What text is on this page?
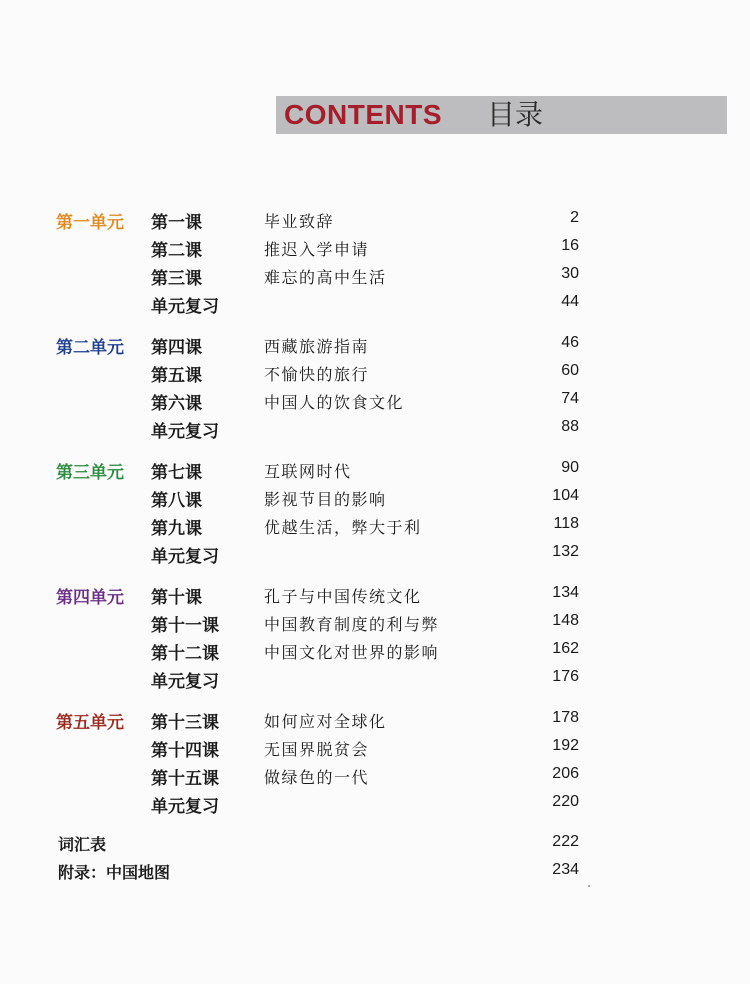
CONTENTS 目录
第一单元 第一课	毕业致辞	2
第二课	推迟入学申请	16
第三课	难忘的高中生活	30
单元复习	44
第二单元 第四课	西藏旅游指南	46
第五课	不愉快的旅行	60
第六课	中国人的饮食文化	74
单元复习	88
第三单元 第七课	互联网时代	90
第八课	影视节目的影响	104
第九课	优越生活，弊大于利	118
单元复习	132
第四单元 第十课	孔子与中国传统文化	134
第十一课	中国教育制度的利与弊	148
第十二课	中国文化对世界的影响	162
单元复习	176
第五单元 第十三课	如何应对全球化	178
第十四课	无国界脱贫会	192
第十五课	做绿色的一代	206
单元复习	220
词汇表	222
附录：中国地图	234
